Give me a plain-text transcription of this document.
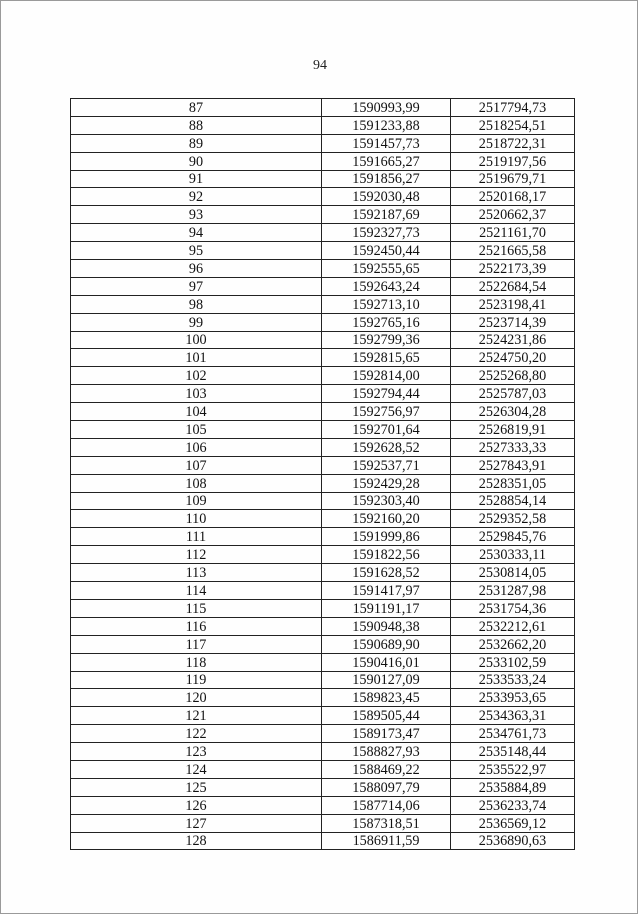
94
87	1590993,99	2517794,73
88	1591233,88	2518254,51
89	1591457,73	2518722,31
90	1591665,27	2519197,56
91	1591856,27	2519679,71
92	1592030,48	2520168,17
93	1592187,69	2520662,37
94	1592327,73	2521161,70
95	1592450,44	2521665,58
96	1592555,65	2522173,39
97	1592643,24	2522684,54
98	1592713,10	2523198,41
99	1592765,16	2523714,39
100	1592799,36	2524231,86
101	1592815,65	2524750,20
102	1592814,00	2525268,80
103	1592794,44	2525787,03
104	1592756,97	2526304,28
105	1592701,64	2526819,91
106	1592628,52	2527333,33
107	1592537,71	2527843,91
108	1592429,28	2528351,05
109	1592303,40	2528854,14
110	1592160,20	2529352,58
111	1591999,86	2529845,76
112	1591822,56	2530333,11
113	1591628,52	2530814,05
114	1591417,97	2531287,98
115	1591191,17	2531754,36
116	1590948,38	2532212,61
117	1590689,90	2532662,20
118	1590416,01	2533102,59
119	1590127,09	2533533,24
120	1589823,45	2533953,65
121	1589505,44	2534363,31
122	1589173,47	2534761,73
123	1588827,93	2535148,44
124	1588469,22	2535522,97
125	1588097,79	2535884,89
126	1587714,06	2536233,74
127	1587318,51	2536569,12
128	1586911,59	2536890,63
